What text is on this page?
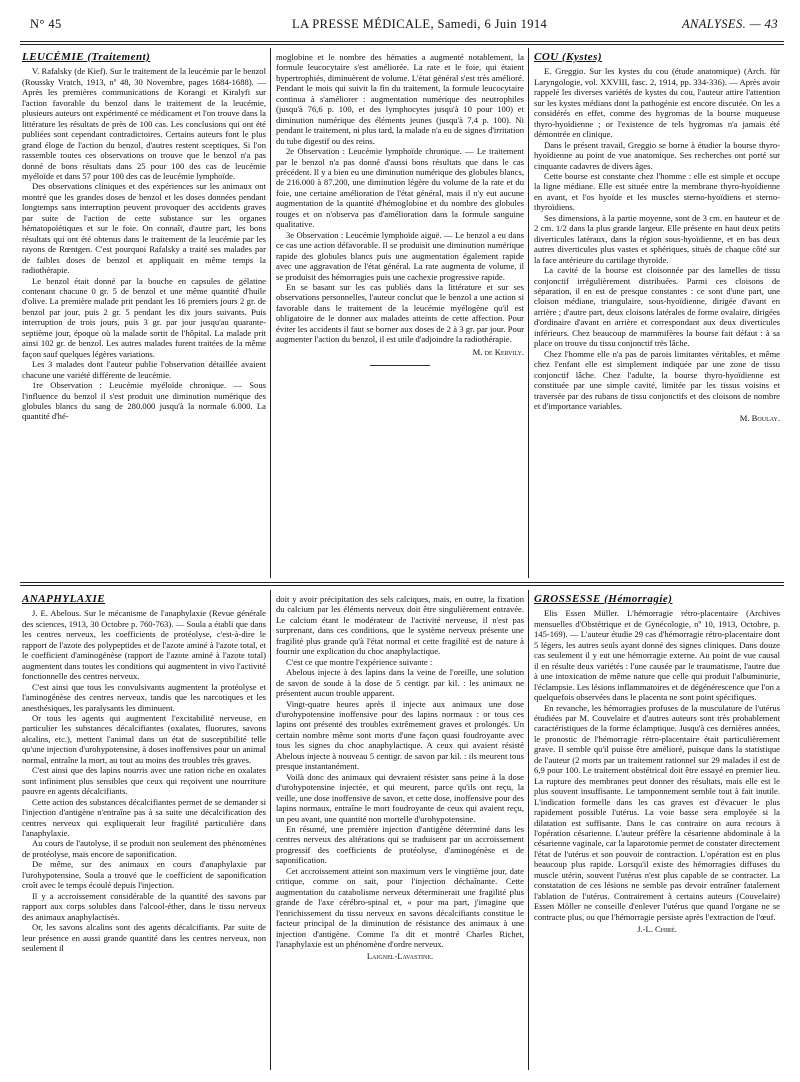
N° 45	LA PRESSE MÉDICALE, Samedi, 6 Juin 1914	ANALYSES. — 43

LEUCÉMIE (Traitement)

V. Rafalsky (de Kief). Sur le traitement de la leucémie par le benzol (Roussky Vratch, 1913, nº 48, 30 Novembre, pages 1684-1688). — Après les premières communications de Korangi et Kiralyfi sur l'action favorable du benzol dans le traitement de la leucémie, plusieurs auteurs ont expérimenté ce médicament et l'on trouve dans la littérature les résultats de près de 100 cas. Les conclusions qui ont été publiées sont cependant contradictoires. Certains auteurs font le plus grand éloge de l'action du benzol, d'autres restent sceptiques. Si l'on rassemble toutes ces observations on trouve que le benzol n'a pas donné de bons résultats dans 25 pour 100 des cas de leucémie myéloïde et dans 57 pour 100 des cas de leucémie lymphoïde.

Des observations cliniques et des expériences sur les animaux ont montré que les grandes doses de benzol et les doses données pendant longtemps sans interruption peuvent provoquer des accidents graves par suite de l'action de cette substance sur les organes hématopoïétiques et sur le foie. On connaît, d'autre part, les bons résultats qui ont été obtenus dans le traitement de la leucémie par les rayons de Rœntgen. C'est pourquoi Rafalsky a traité ses malades par de faibles doses de benzol et appliquait en même temps la radiothérapie.

Le benzol était donné par la bouche en capsules de gélatine contenant chacune 0 gr. 5 de benzol et une même quantité d'huile d'olive. La première malade prit pendant les 16 premiers jours 2 gr. de benzol par jour, puis 2 gr. 5 pendant les dix jours suivants. Puis interruption de trois jours, puis 3 gr. par jour jusqu'au quarante-septième jour, époque où la malade sortit de l'hôpital. La malade prit ainsi 102 gr. de benzol. Les autres malades furent traitées de la même façon sauf quelques légères variations.

Les 3 malades dont l'auteur publie l'observation détaillée avaient chacune une variété différente de leucémie.

1re Observation : Leucémie myéloïde chronique. — Sous l'influence du benzol il s'est produit une diminution numérique des globules blancs du sang de 280.000 jusqu'à la normale 6.000. La quantité d'hé-

moglobine et le nombre des hématies a augmenté notablement, la formule leucocytaire s'est améliorée. La rate et le foie, qui étaient hypertrophiés, diminuèrent de volume. L'état général s'est très amélioré. Pendant le mois qui suivit la fin du traitement, la formule leucocytaire continua à s'améliorer : augmentation numérique des neutrophiles (jusqu'à 76,6 p. 100, et des lymphocytes jusqu'à 10 pour 100) et diminution numérique des éléments jeunes (jusqu'à 7,4 p. 100). Ni pendant le traitement, ni plus tard, la malade n'a eu de signes d'irritation du tube digestif ou des reins.

2e Observation : Leucémie lymphoïde chronique. — Le traitement par le benzol n'a pas donné d'aussi bons résultats que dans le cas précédent. Il y a bien eu une diminution numérique des globules blancs, de 216.000 à 87.200, une diminution légère du volume de la rate et du foie, une certaine amélioration de l'état général, mais il n'y eut aucune augmentation de la quantité d'hémoglobine et du nombre des globules rouges et on n'observa pas d'amélioration dans la formule sanguine qualitative.

3e Observation : Leucémie lymphoïde aiguë. — Le benzol a eu dans ce cas une action défavorable. Il se produisit une diminution numérique rapide des globules blancs puis une augmentation également rapide avec une aggravation de l'état général. La rate augmenta de volume, il se produisit des hémorragies puis une cachexie progressive rapide.

En se basant sur les cas publiés dans la littérature et sur ses observations personnelles, l'auteur conclut que le benzol a une action si favorable dans le traitement de la leucémie myélogène qu'il est obligatoire de le donner aux malades atteints de cette affection. Pour éviter les accidents il faut se borner aux doses de 2 à 3 gr. par jour. Pour augmenter l'action du benzol, il est utile d'adjoindre la radiothérapie.

M. de Kervily.

COU (Kystes)

E. Greggio. Sur les kystes du cou (étude anatomique) (Arch. für Laryngologie, vol. XXVIII, fasc. 2, 1914, pp. 334-336). — Après avoir rappelé les diverses variétés de kystes du cou, l'auteur attire l'attention sur les kystes médians dont la pathogénie est encore discutée. On les a considérés en effet, comme des hygromas de la bourse muqueuse thyro-hyoïdienne ; or l'existence de tels hygromas n'a jamais été démontrée en clinique.

Dans le présent travail, Greggio se borne à étudier la bourse thyro-hyoïdienne au point de vue anatomique. Ses recherches ont porté sur cinquante cadavres de divers âges.

Cette bourse est constante chez l'homme : elle est simple et occupe la ligne médiane. Elle est située entre la membrane thyro-hyoïdienne en avant, et l'os hyoïde et les muscles sterno-hyoïdiens et sterno-thyroïdiens.

Ses dimensions, à la partie moyenne, sont de 3 cm. en hauteur et de 2 cm. 1/2 dans la plus grande largeur. Elle présente en haut deux petits diverticules latéraux, dans la région sous-hyoïdienne, et en bas deux autres diverticules plus vastes et sphériques, situés de chaque côté sur la face antérieure du cartilage thyroïde.

La cavité de la bourse est cloisonnée par des lamelles de tissu conjonctif irrégulièrement distribuées. Parmi ces cloisons de séparation, il en est de presque constantes : ce sont d'une part, une cloison médiane, triangulaire, sous-hyoïdienne, dirigée d'avant en arrière ; d'autre part, deux cloisons latérales de forme ovalaire, dirigées d'ordinaire d'avant en arrière et correspondant aux deux diverticules inférieurs. Chez beaucoup de mammifères la bourse fait défaut : à sa place on trouve du tissu conjonctif très lâche.

Chez l'homme elle n'a pas de parois limitantes véritables, et même chez l'enfant elle est simplement indiquée par une zone de tissu conjonctif lâche. Chez l'adulte, la bourse thyro-hyoïdienne est constituée par une simple cavité, limitée par les tissus voisins et traversée par des rubans de tissu conjonctifs et des cloisons de nombre et d'importance variables.

M. Boulay.

ANAPHYLAXIE

J. E. Abelous. Sur le mécanisme de l'anaphylaxie (Revue générale des sciences, 1913, 30 Octobre p. 760-763). — Soula a établi que dans les centres nerveux, les coefficients de protéolyse, c'est-à-dire le rapport de l'azote des polypeptides et de l'azote aminé à l'azote total, et le coefficient d'aminogénèse (rapport de l'azote aminé à l'azote total) augmentent dans toutes les conditions qui augmentent in vivo l'activité fonctionnelle des centres nerveux.

C'est ainsi que tous les convulsivants augmentent la protéolyse et l'aminogénèse des centres nerveux, tandis que les narcotiques et les anesthésiques, les paralysants les diminuent.

Or tous les agents qui augmentent l'excitabilité nerveuse, en particulier les substances décalcifiantes (oxalates, fluorures, savons alcalins, etc.), mettent l'animal dans un état de susceptibilité telle qu'une injection d'urohypotensine, à doses inoffensives pour un animal normal, entraîne la mort, au tout au moins des troubles très graves.

C'est ainsi que des lapins nourris avec une ration riche en oxalates sont infiniment plus sensibles que ceux qui reçoivent une nourriture pauvre en agents décalcifiants.

Cette action des substances décalcifiantes permet de se demander si l'injection d'antigène n'entraîne pas à sa suite une décalcification des centres nerveux qui expliquerait leur fragilité particulière dans l'anaphylaxie.

Au cours de l'autolyse, il se produit non seulement des phénomènes de protéolyse, mais encore de saponification.

De même, sur des animaux en cours d'anaphylaxie par l'urohypotensine, Soula a trouvé que le coefficient de saponification croît avec le temps écoulé depuis l'injection.

Il y a accroissement considérable de la quantité des savons par rapport aux corps solubles dans l'alcool-éther, dans le tissu nerveux des animaux anaphylactisés.

Or, les savons alcalins sont des agents décalcifiants. Par suite de leur présence en aussi grande quantité dans les centres nerveux, non seulement il

doit y avoir précipitation des sels calciques, mais, en outre, la fixation du calcium par les éléments nerveux doit être singulièrement entravée. Le calcium étant le modérateur de l'activité nerveuse, il n'est pas surprenant, dans ces conditions, que le système nerveux présente une fragilité plus grande qu'à l'état normal et cette fragilité est de nature à fournir une explication du choc anaphylactique.

C'est ce que montre l'expérience suivante :

Abelous injecte à des lapins dans la veine de l'oreille, une solution de savon de soude à la dose de 5 centigr. par kil. : les animaux ne présentent aucun trouble apparent.

Vingt-quatre heures après il injecte aux animaux une dose d'urohypotensine inoffensive pour des lapins normaux : or tous ces lapins ont présenté des troubles extrêmement graves et prolongés. Un certain nombre même sont morts d'une façon quasi foudroyante avec tous les signes du choc anaphylactique. A ceux qui avaient résisté Abelous injecte à nouveau 5 centigr. de savon par kil. : ils meurent tous presque instantanément.

Voilà donc des animaux qui devraient résister sans peine à la dose d'urohypotensine injectée, et qui meurent, parce qu'ils ont reçu, la veille, une dose inoffensive de savon, et cette dose, inoffensive pour des lapins normaux, entraîne le mort foudroyante de ceux qui avaient reçu, un peu avant, une quantité non mortelle d'urohypotensine.

En résumé, une première injection d'antigène déterminé dans les centres nerveux des altérations qui se traduisent par un accroissement progressif des coefficients de protéolyse, d'aminogénèse et de saponification.

Cet accroissement atteint son maximum vers le vingtième jour, date critique, comme on sait, pour l'injection déchaînante. Cette augmentation du catabolisme nerveux déterminerait une fragilité plus grande de l'axe cérébro-spinal et, « pour ma part, j'imagine que l'enrichissement du tissu nerveux en savons décalcifiants constitue le facteur principal de la diminution de résistance des animaux à une injection d'antigène. Comme l'a dit et montré Charles Richet, l'anaphylaxie est un phénomène d'ordre nerveux.

Laignel-Lavastine.

GROSSESSE (Hémorragie)

Elis Essen Müller. L'hémorragie rétro-placentaire (Archives mensuelles d'Obstétrique et de Gynécologie, nº 10, 1913, Octobre, p. 145-169). — L'auteur étudie 29 cas d'hémorragie rétro-placentaire dont 5 légers, les autres seuls ayant donné des signes cliniques. Dans douze cas seulement il y eut une hémorragie externe. Au point de vue causal il en résulte deux variétés : l'une causée par le traumatisme, l'autre due à une intoxication de même nature que celle qui produit l'albuminurie, l'éclampsie. Les lésions inflammatoires et de dégénérescence que l'on a quelquefois observées dans le placenta ne sont point spécifiques.

En revanche, les hémorragies profuses de la musculature de l'utérus étudiées par M. Couvelaire et d'autres auteurs sont très probablement caractéristiques de la forme éclamptique. Jusqu'à ces dernières années, le pronostic de l'hémorragie rétro-placentaire était particulièrement grave. Il semble qu'il puisse être amélioré, puisque dans la statistique de l'auteur (2 morts par un traitement rationnel sur 29 malades il est de 6,9 pour 100. Le traitement obstétrical doit être essayé en premier lieu. La rupture des membranes peut donner des résultats, mais elle est le plus souvent insuffisante. Le tamponnement semble tout à fait inutile. L'indication formelle dans les cas graves est d'évacuer le plus rapidement possible l'utérus. La voie basse sera employée si la dilatation est suffisante. Dans le cas contraire on aura recours à l'opération césarienne. L'auteur préfère la césarienne abdominale à la césarienne vaginale, car la laparotomie permet de constater directement l'état de l'utérus et son pouvoir de contraction. L'opération est en plus beaucoup plus rapide. Lorsqu'il existe des hémorragies diffuses du muscle utérin, souvent l'utérus n'est plus capable de se contracter. La constatation de ces lésions ne semble pas devoir entraîner fatalement l'ablation de l'utérus. Contrairement à certains auteurs (Couvelaire) Essen Möller ne conseille d'enlever l'utérus que quand l'organe ne se contracte plus, ou que l'hémorragie persiste après l'extraction de l'œuf.

J.-L. Chiré.
